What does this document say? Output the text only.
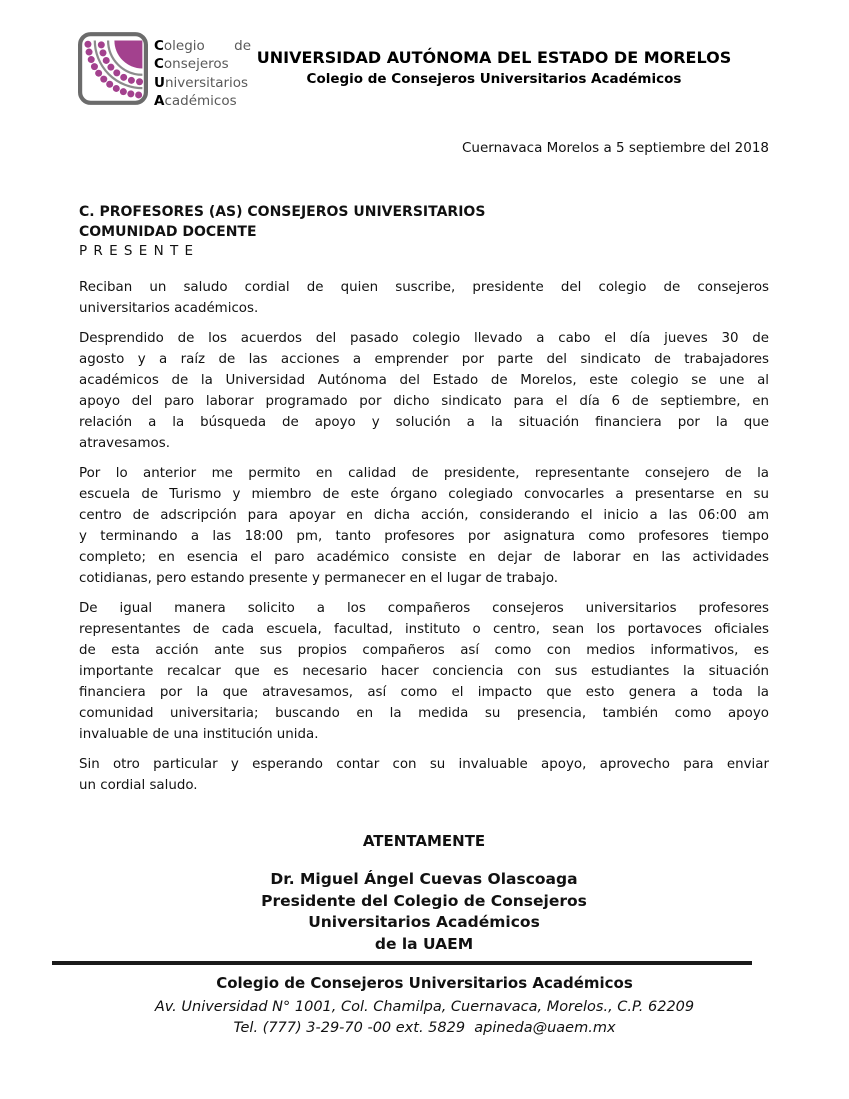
Colegio de
Consejeros
Universitarios
Académicos
UNIVERSIDAD AUTÓNOMA DEL ESTADO DE MORELOS
Colegio de Consejeros Universitarios Académicos
Cuernavaca Morelos a 5 septiembre del 2018
C. PROFESORES (AS) CONSEJEROS UNIVERSITARIOS
COMUNIDAD DOCENTE
P R E S E N T E
Reciban un saludo cordial de quien suscribe, presidente del colegio de consejeros
universitarios académicos.
Desprendido de los acuerdos del pasado colegio llevado a cabo el día jueves 30 de
agosto y a raíz de las acciones a emprender por parte del sindicato de trabajadores
académicos de la Universidad Autónoma del Estado de Morelos, este colegio se une al
apoyo del paro laborar programado por dicho sindicato para el día 6 de septiembre, en
relación a la búsqueda de apoyo y solución a la situación financiera por la que
atravesamos.
Por lo anterior me permito en calidad de presidente, representante consejero de la
escuela de Turismo y miembro de este órgano colegiado convocarles a presentarse en su
centro de adscripción para apoyar en dicha acción, considerando el inicio a las 06:00 am
y terminando a las 18:00 pm, tanto profesores por asignatura como profesores tiempo
completo; en esencia el paro académico consiste en dejar de laborar en las actividades
cotidianas, pero estando presente y permanecer en el lugar de trabajo.
De igual manera solicito a los compañeros consejeros universitarios profesores
representantes de cada escuela, facultad, instituto o centro, sean los portavoces oficiales
de esta acción ante sus propios compañeros así como con medios informativos, es
importante recalcar que es necesario hacer conciencia con sus estudiantes la situación
financiera por la que atravesamos, así como el impacto que esto genera a toda la
comunidad universitaria; buscando en la medida su presencia, también como apoyo
invaluable de una institución unida.
Sin otro particular y esperando contar con su invaluable apoyo, aprovecho para enviar
un cordial saludo.
ATENTAMENTE
Dr. Miguel Ángel Cuevas Olascoaga
Presidente del Colegio de Consejeros
Universitarios Académicos
de la UAEM
Colegio de Consejeros Universitarios Académicos
Av. Universidad N° 1001, Col. Chamilpa, Cuernavaca, Morelos., C.P. 62209
Tel. (777) 3-29-70 -00 ext. 5829  apineda@uaem.mx
